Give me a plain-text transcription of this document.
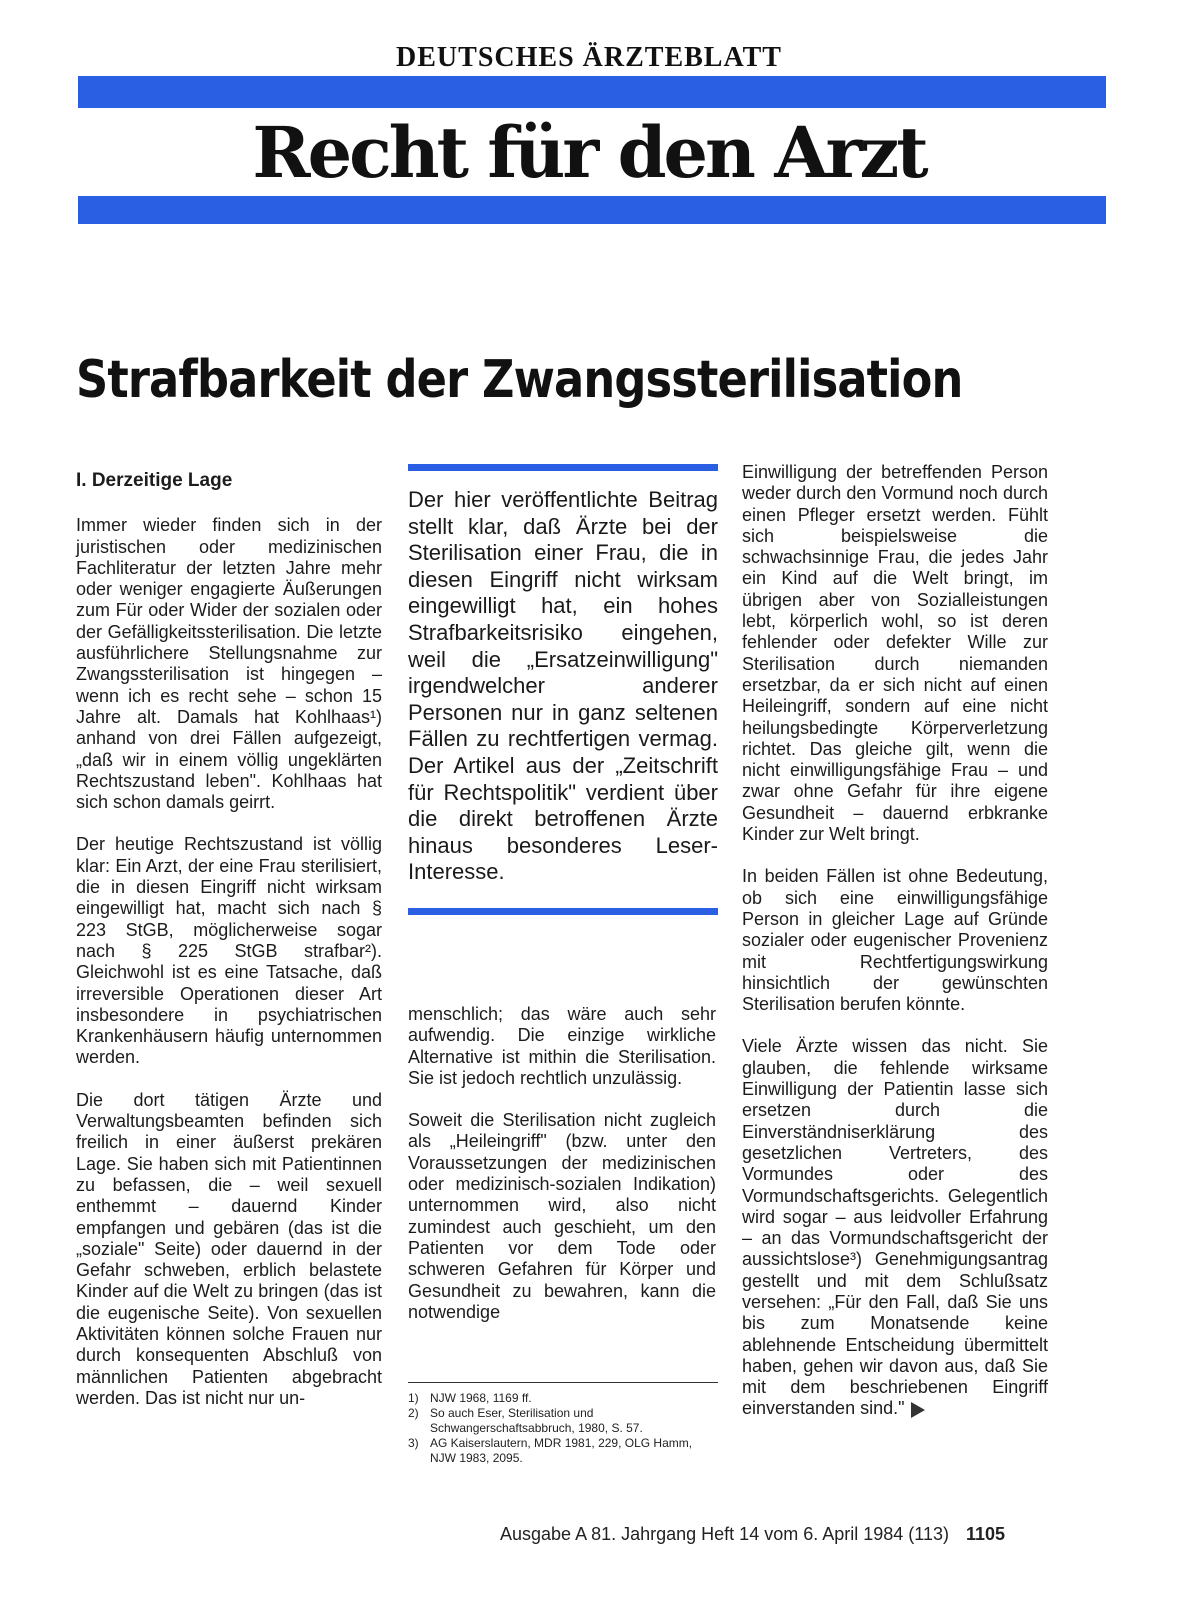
DEUTSCHES ÄRZTEBLATT
Recht für den Arzt
Strafbarkeit der Zwangssterilisation

I. Derzeitige Lage

Immer wieder finden sich in der juristischen oder medizinischen Fachliteratur der letzten Jahre mehr oder weniger engagierte Äußerungen zum Für oder Wider der sozialen oder der Gefälligkeitssterilisation. Die letzte ausführlichere Stellungsnahme zur Zwangssterilisation ist hingegen – wenn ich es recht sehe – schon 15 Jahre alt. Damals hat Kohlhaas¹) anhand von drei Fällen aufgezeigt, „daß wir in einem völlig ungeklärten Rechtszustand leben". Kohlhaas hat sich schon damals geirrt.

Der heutige Rechtszustand ist völlig klar: Ein Arzt, der eine Frau sterilisiert, die in diesen Eingriff nicht wirksam eingewilligt hat, macht sich nach § 223 StGB, möglicherweise sogar nach § 225 StGB strafbar²). Gleichwohl ist es eine Tatsache, daß irreversible Operationen dieser Art insbesondere in psychiatrischen Krankenhäusern häufig unternommen werden.

Die dort tätigen Ärzte und Verwaltungsbeamten befinden sich freilich in einer äußerst prekären Lage. Sie haben sich mit Patientinnen zu befassen, die – weil sexuell enthemmt – dauernd Kinder empfangen und gebären (das ist die „soziale" Seite) oder dauernd in der Gefahr schweben, erblich belastete Kinder auf die Welt zu bringen (das ist die eugenische Seite). Von sexuellen Aktivitäten können solche Frauen nur durch konsequenten Abschluß von männlichen Patienten abgebracht werden. Das ist nicht nur un-

Der hier veröffentlichte Beitrag stellt klar, daß Ärzte bei der Sterilisation einer Frau, die in diesen Eingriff nicht wirksam eingewilligt hat, ein hohes Strafbarkeitsrisiko eingehen, weil die „Ersatzeinwilligung" irgendwelcher anderer Personen nur in ganz seltenen Fällen zu rechtfertigen vermag. Der Artikel aus der „Zeitschrift für Rechtspolitik" verdient über die direkt betroffenen Ärzte hinaus besonderes Leser-Interesse.

menschlich; das wäre auch sehr aufwendig. Die einzige wirkliche Alternative ist mithin die Sterilisation. Sie ist jedoch rechtlich unzulässig.

Soweit die Sterilisation nicht zugleich als „Heileingriff" (bzw. unter den Voraussetzungen der medizinischen oder medizinisch-sozialen Indikation) unternommen wird, also nicht zumindest auch geschieht, um den Patienten vor dem Tode oder schweren Gefahren für Körper und Gesundheit zu bewahren, kann die notwendige

1) NJW 1968, 1169 ff.
2) So auch Eser, Sterilisation und Schwangerschaftsabbruch, 1980, S. 57.
3) AG Kaiserslautern, MDR 1981, 229, OLG Hamm, NJW 1983, 2095.

Einwilligung der betreffenden Person weder durch den Vormund noch durch einen Pfleger ersetzt werden. Fühlt sich beispielsweise die schwachsinnige Frau, die jedes Jahr ein Kind auf die Welt bringt, im übrigen aber von Sozialleistungen lebt, körperlich wohl, so ist deren fehlender oder defekter Wille zur Sterilisation durch niemanden ersetzbar, da er sich nicht auf einen Heileingriff, sondern auf eine nicht heilungsbedingte Körperverletzung richtet. Das gleiche gilt, wenn die nicht einwilligungsfähige Frau – und zwar ohne Gefahr für ihre eigene Gesundheit – dauernd erbkranke Kinder zur Welt bringt.

In beiden Fällen ist ohne Bedeutung, ob sich eine einwilligungsfähige Person in gleicher Lage auf Gründe sozialer oder eugenischer Provenienz mit Rechtfertigungswirkung hinsichtlich der gewünschten Sterilisation berufen könnte.

Viele Ärzte wissen das nicht. Sie glauben, die fehlende wirksame Einwilligung der Patientin lasse sich ersetzen durch die Einverständniserklärung des gesetzlichen Vertreters, des Vormundes oder des Vormundschaftsgerichts. Gelegentlich wird sogar – aus leidvoller Erfahrung – an das Vormundschaftsgericht der aussichtslose³) Genehmigungsantrag gestellt und mit dem Schlußsatz versehen: „Für den Fall, daß Sie uns bis zum Monatsende keine ablehnende Entscheidung übermittelt haben, gehen wir davon aus, daß Sie mit dem beschriebenen Eingriff einverstanden sind."

Ausgabe A 81. Jahrgang Heft 14 vom 6. April 1984 (113) 1105
